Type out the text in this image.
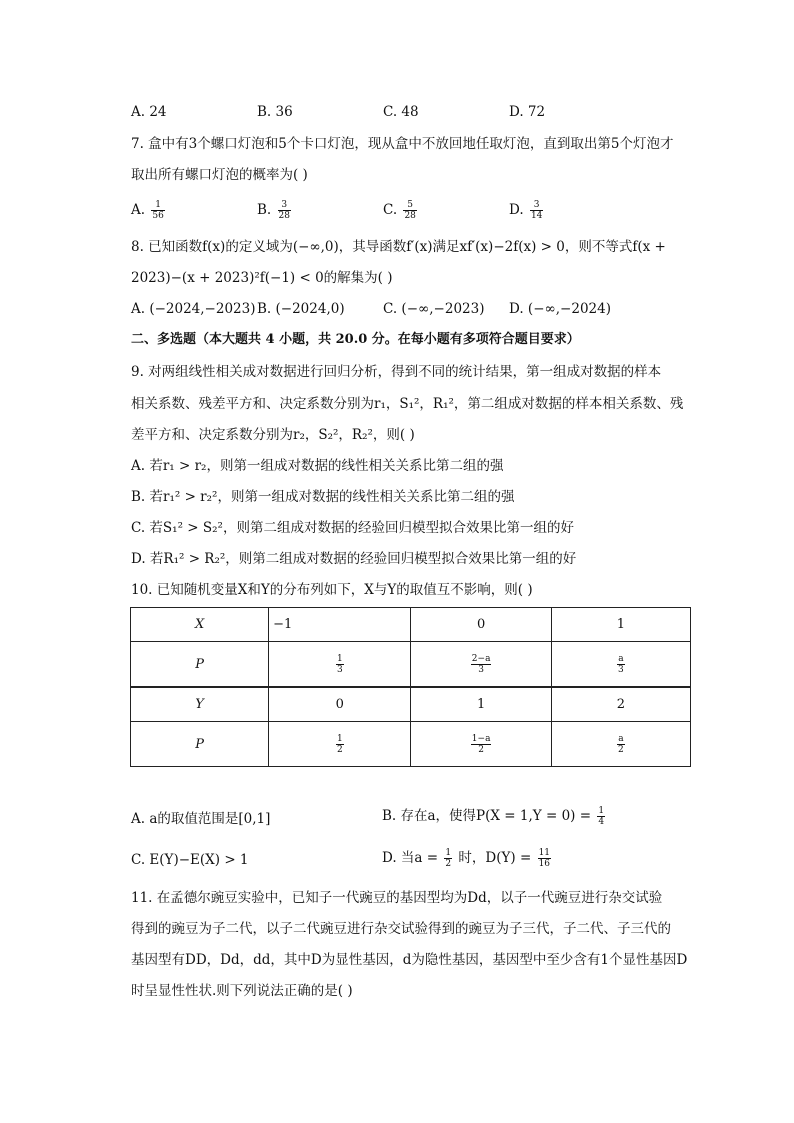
A. 24	B. 36	C. 48	D. 72
7. 盒中有3个螺口灯泡和5个卡口灯泡，现从盒中不放回地任取灯泡，直到取出第5个灯泡才
取出所有螺口灯泡的概率为( )
A. $\frac{1}{56}$	B. $\frac{3}{28}$	C. $\frac{5}{28}$	D. $\frac{3}{14}$
8. 已知函数f(x)的定义域为(−∞,0)，其导函数f′(x)满足xf′(x)−2f(x) > 0，则不等式f(x +
2023)−(x + 2023)²f(−1) < 0的解集为( )
A. (−2024,−2023) B. (−2024,0)	C. (−∞,−2023) D. (−∞,−2024)
二、多选题（本大题共 4 小题，共 20.0 分。在每小题有多项符合题目要求）
9. 对两组线性相关成对数据进行回归分析，得到不同的统计结果，第一组成对数据的样本
相关系数、残差平方和、决定系数分别为r₁，S₁²，R₁²，第二组成对数据的样本相关系数、残
差平方和、决定系数分别为r₂，S₂²，R₂²，则( )
A. 若r₁ > r₂，则第一组成对数据的线性相关关系比第二组的强
B. 若r₁² > r₂²，则第一组成对数据的线性相关关系比第二组的强
C. 若S₁² > S₂²，则第二组成对数据的经验回归模型拟合效果比第一组的好
D. 若R₁² > R₂²，则第二组成对数据的经验回归模型拟合效果比第一组的好
10. 已知随机变量X和Y的分布列如下，X与Y的取值互不影响，则( )
X	−1	0	1
P	$\frac{1}{3}$	$\frac{2-a}{3}$	$\frac{a}{3}$

Y	0	1	2
P	$\frac{1}{2}$	$\frac{1-a}{2}$	$\frac{a}{2}$
A. a的取值范围是[0,1]	B. 存在a，使得$P(X = 1,Y = 0) = \frac{1}{4}$
C. E(Y)−E(X) > 1	D. 当$a = \frac{1}{2}$ 时，$D(Y) = \frac{11}{16}$
11. 在孟德尔豌豆实验中，已知子一代豌豆的基因型均为Dd，以子一代豌豆进行杂交试验
得到的豌豆为子二代，以子二代豌豆进行杂交试验得到的豌豆为子三代，子二代、子三代的
基因型有DD，Dd，dd，其中D为显性基因，d为隐性基因，基因型中至少含有1个显性基因D
时呈显性性状.则下列说法正确的是( )
